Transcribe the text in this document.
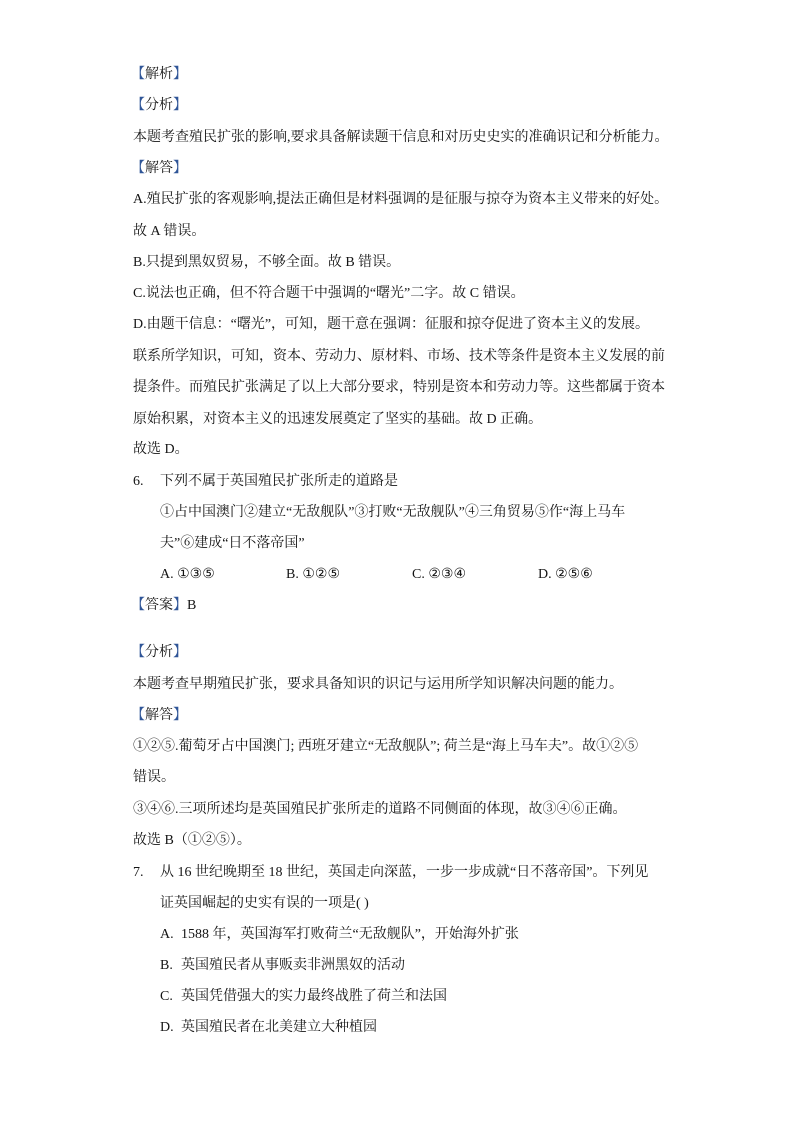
【解析】
【分析】
本题考查殖民扩张的影响,要求具备解读题干信息和对历史史实的准确识记和分析能力。
【解答】
A.殖民扩张的客观影响,提法正确但是材料强调的是征服与掠夺为资本主义带来的好处。
故 A 错误。
B.只提到黑奴贸易，不够全面。故 B 错误。
C.说法也正确，但不符合题干中强调的“曙光”二字。故 C 错误。
D.由题干信息：“曙光”，可知，题干意在强调：征服和掠夺促进了资本主义的发展。
联系所学知识，可知，资本、劳动力、原材料、市场、技术等条件是资本主义发展的前
提条件。而殖民扩张满足了以上大部分要求，特别是资本和劳动力等。这些都属于资本
原始积累，对资本主义的迅速发展奠定了坚实的基础。故 D 正确。
故选 D。
6. 下列不属于英国殖民扩张所走的道路是
①占中国澳门②建立“无敌舰队”③打败“无敌舰队”④三角贸易⑤作“海上马车
夫”⑥建成“日不落帝国”
A. ①③⑤	B. ①②⑤	C. ②③④	D. ②⑤⑥
【答案】B
【分析】
本题考查早期殖民扩张，要求具备知识的识记与运用所学知识解决问题的能力。
【解答】
①②⑤.葡萄牙占中国澳门; 西班牙建立“无敌舰队”; 荷兰是“海上马车夫”。故①②⑤
错误。
③④⑥.三项所述均是英国殖民扩张所走的道路不同侧面的体现，故③④⑥正确。
故选 B（①②⑤）。
7. 从 16 世纪晚期至 18 世纪，英国走向深蓝，一步一步成就“日不落帝国”。下列见
证英国崛起的史实有误的一项是( )
A. 1588 年，英国海军打败荷兰“无敌舰队”，开始海外扩张
B. 英国殖民者从事贩卖非洲黑奴的活动
C. 英国凭借强大的实力最终战胜了荷兰和法国
D. 英国殖民者在北美建立大种植园
